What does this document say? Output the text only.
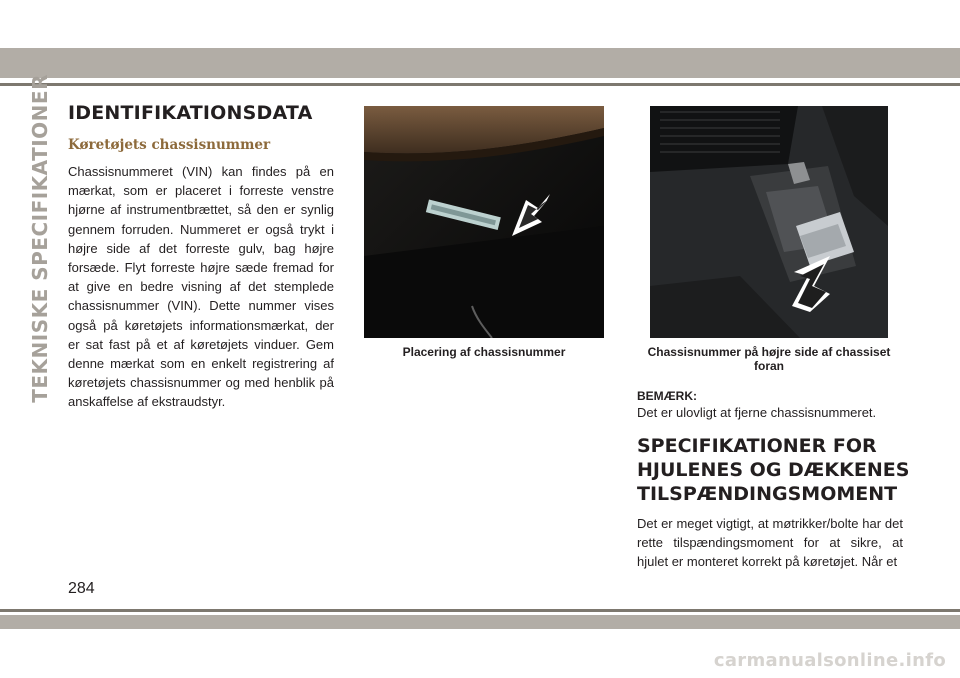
TEKNISKE SPECIFIKATIONER IDENTIFIKATIONSDATA
Køretøjets chassisnummer

Chassisnummeret (VIN) kan findes på en mærkat, som er placeret i forreste venstre hjørne af instrumentbrættet, så den er synlig gennem forruden. Nummeret er også trykt i højre side af det forreste gulv, bag højre forsæde. Flyt forreste højre sæde fremad for at give en bedre visning af det stemplede chassisnummer (VIN). Dette nummer vises også på køretøjets informationsmærkat, der er sat fast på et af køretøjets vinduer. Gem denne mærkat som en enkelt registrering af køretøjets chassisnummer og med henblik på anskaffelse af ekstraudstyr.

Placering af chassisnummer	Chassisnummer på højre side af chassiset foran

BEMÆRK:

Det er ulovligt at fjerne chassisnummeret.

SPECIFIKATIONER FOR HJULENES OG DÆKKENES TILSPÆNDINGSMOMENT

Det er meget vigtigt, at møtrikker/bolte har det rette tilspændingsmoment for at sikre, at hjulet er monteret korrekt på køretøjet. Når et

284

carmanualsonline.info
